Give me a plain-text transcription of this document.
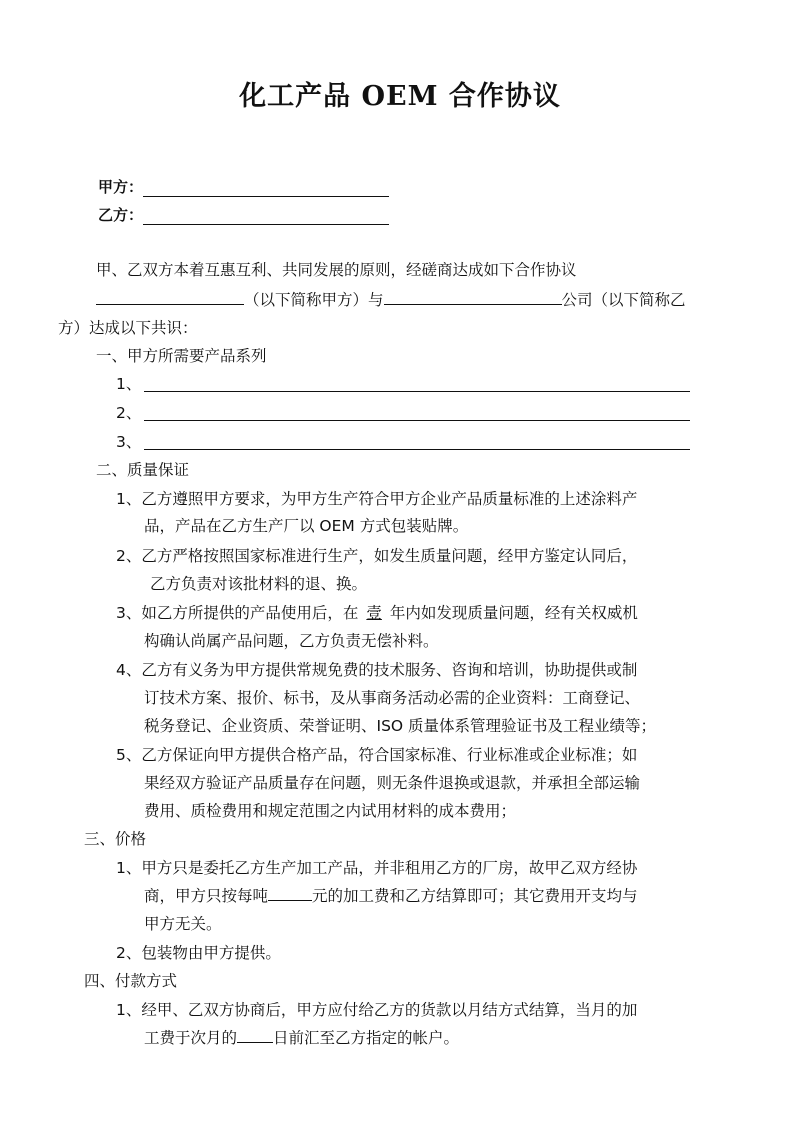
化工产品 OEM 合作协议
甲方：
乙方：
甲、乙双方本着互惠互利、共同发展的原则，经磋商达成如下合作协议
（以下简称甲方）与	公司（以下简称乙
方）达成以下共识：
一、甲方所需要产品系列
1、
2、
3、
二、质量保证
1、乙方遵照甲方要求，为甲方生产符合甲方企业产品质量标准的上述涂料产
品，产品在乙方生产厂以 OEM 方式包装贴牌。
2、乙方严格按照国家标准进行生产，如发生质量问题，经甲方鉴定认同后，
乙方负责对该批材料的退、换。
3、如乙方所提供的产品使用后，在 壹 年内如发现质量问题，经有关权威机
构确认尚属产品问题，乙方负责无偿补料。
4、乙方有义务为甲方提供常规免费的技术服务、咨询和培训，协助提供或制
订技术方案、报价、标书，及从事商务活动必需的企业资料：工商登记、
税务登记、企业资质、荣誉证明、ISO 质量体系管理验证书及工程业绩等；
5、乙方保证向甲方提供合格产品，符合国家标准、行业标准或企业标准；如
果经双方验证产品质量存在问题，则无条件退换或退款，并承担全部运输
费用、质检费用和规定范围之内试用材料的成本费用；
三、价格
1、甲方只是委托乙方生产加工产品，并非租用乙方的厂房，故甲乙双方经协
商，甲方只按每吨	元的加工费和乙方结算即可；其它费用开支均与
甲方无关。
2、包装物由甲方提供。
四、付款方式
1、经甲、乙双方协商后，甲方应付给乙方的货款以月结方式结算，当月的加
工费于次月的 日前汇至乙方指定的帐户。
